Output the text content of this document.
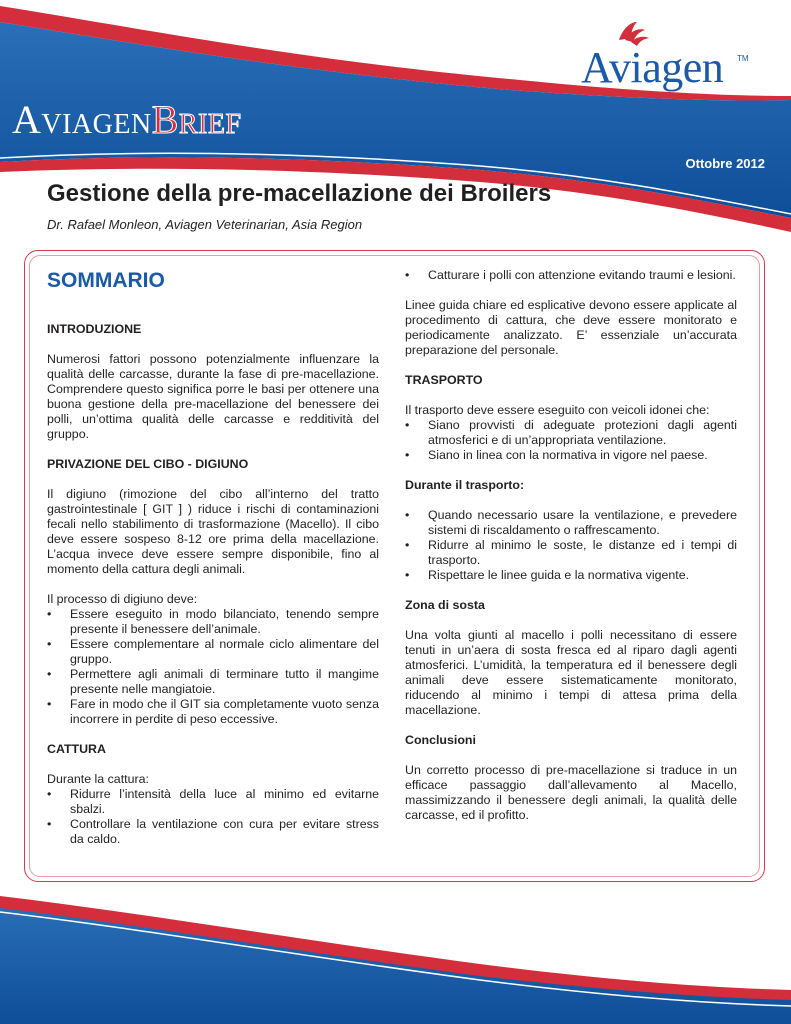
AviagenBrief
Aviagen TM
Ottobre 2012
Gestione della pre-macellazione dei Broilers
Dr. Rafael Monleon, Aviagen Veterinarian, Asia Region
SOMMARIO
INTRODUZIONE

Numerosi fattori possono potenzialmente influenzare la qualità delle carcasse, durante la fase di pre-macellazione. Comprendere questo significa porre le basi per ottenere una buona gestione della pre-macellazione del benessere dei polli, un’ottima qualità delle carcasse e redditività del gruppo.

PRIVAZIONE DEL CIBO - DIGIUNO

Il digiuno (rimozione del cibo all’interno del tratto gastrointestinale [ GIT ] ) riduce i rischi di contaminazioni fecali nello stabilimento di trasformazione (Macello). Il cibo deve essere sospeso 8-12 ore prima della macellazione. L’acqua invece deve essere sempre disponibile, fino al momento della cattura degli animali.

Il processo di digiuno deve:

• Essere eseguito in modo bilanciato, tenendo sempre presente il benessere dell’animale.
• Essere complementare al normale ciclo alimentare del gruppo.
• Permettere agli animali di terminare tutto il mangime presente nelle mangiatoie.
• Fare in modo che il GIT sia completamente vuoto senza incorrere in perdite di peso eccessive.
CATTURA

Durante la cattura:

• Ridurre l’intensità della luce al minimo ed evitarne sbalzi.
• Controllare la ventilazione con cura per evitare stress da caldo.
• Catturare i polli con attenzione evitando traumi e lesioni.

Linee guida chiare ed esplicative devono essere applicate al procedimento di cattura, che deve essere monitorato e periodicamente analizzato. E’ essenziale un’accurata preparazione del personale.

TRASPORTO

Il trasporto deve essere eseguito con veicoli idonei che:

• Siano provvisti di adeguate protezioni dagli agenti atmosferici e di un’appropriata ventilazione.
• Siano in linea con la normativa in vigore nel paese.
Durante il trasporto:
• Quando necessario usare la ventilazione, e prevedere sistemi di riscaldamento o raffrescamento.
• Ridurre al minimo le soste, le distanze ed i tempi di trasporto.
• Rispettare le linee guida e la normativa vigente.
Zona di sosta

Una volta giunti al macello i polli necessitano di essere tenuti in un’aera di sosta fresca ed al riparo dagli agenti atmosferici. L’umidità, la temperatura ed il benessere degli animali deve essere sistematicamente monitorato, riducendo al minimo i tempi di attesa prima della macellazione.

Conclusioni

Un corretto processo di pre-macellazione si traduce in un efficace passaggio dall’allevamento al Macello, massimizzando il benessere degli animali, la qualità delle carcasse, ed il profitto.
